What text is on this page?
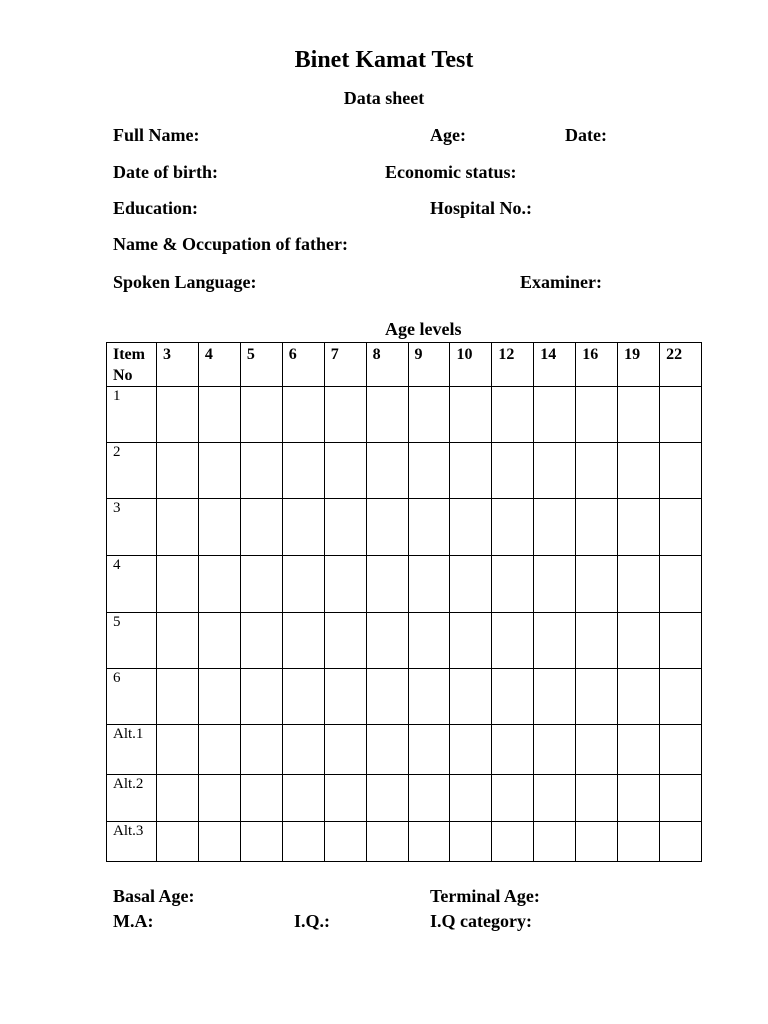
Binet Kamat Test
Data sheet
Full Name:	Age:	Date:
Date of birth:	Economic status:
Education:	Hospital No.:
Name & Occupation of father:
Spoken Language:	Examiner:
Age levels
Item
No	3	4	5	6	7	8	9	10	12	14	16	19	22
1													
2													
3													
4													
5													
6													
Alt.1													
Alt.2													
Alt.3													
Basal Age:	Terminal Age:
M.A:	I.Q.:	I.Q category:
